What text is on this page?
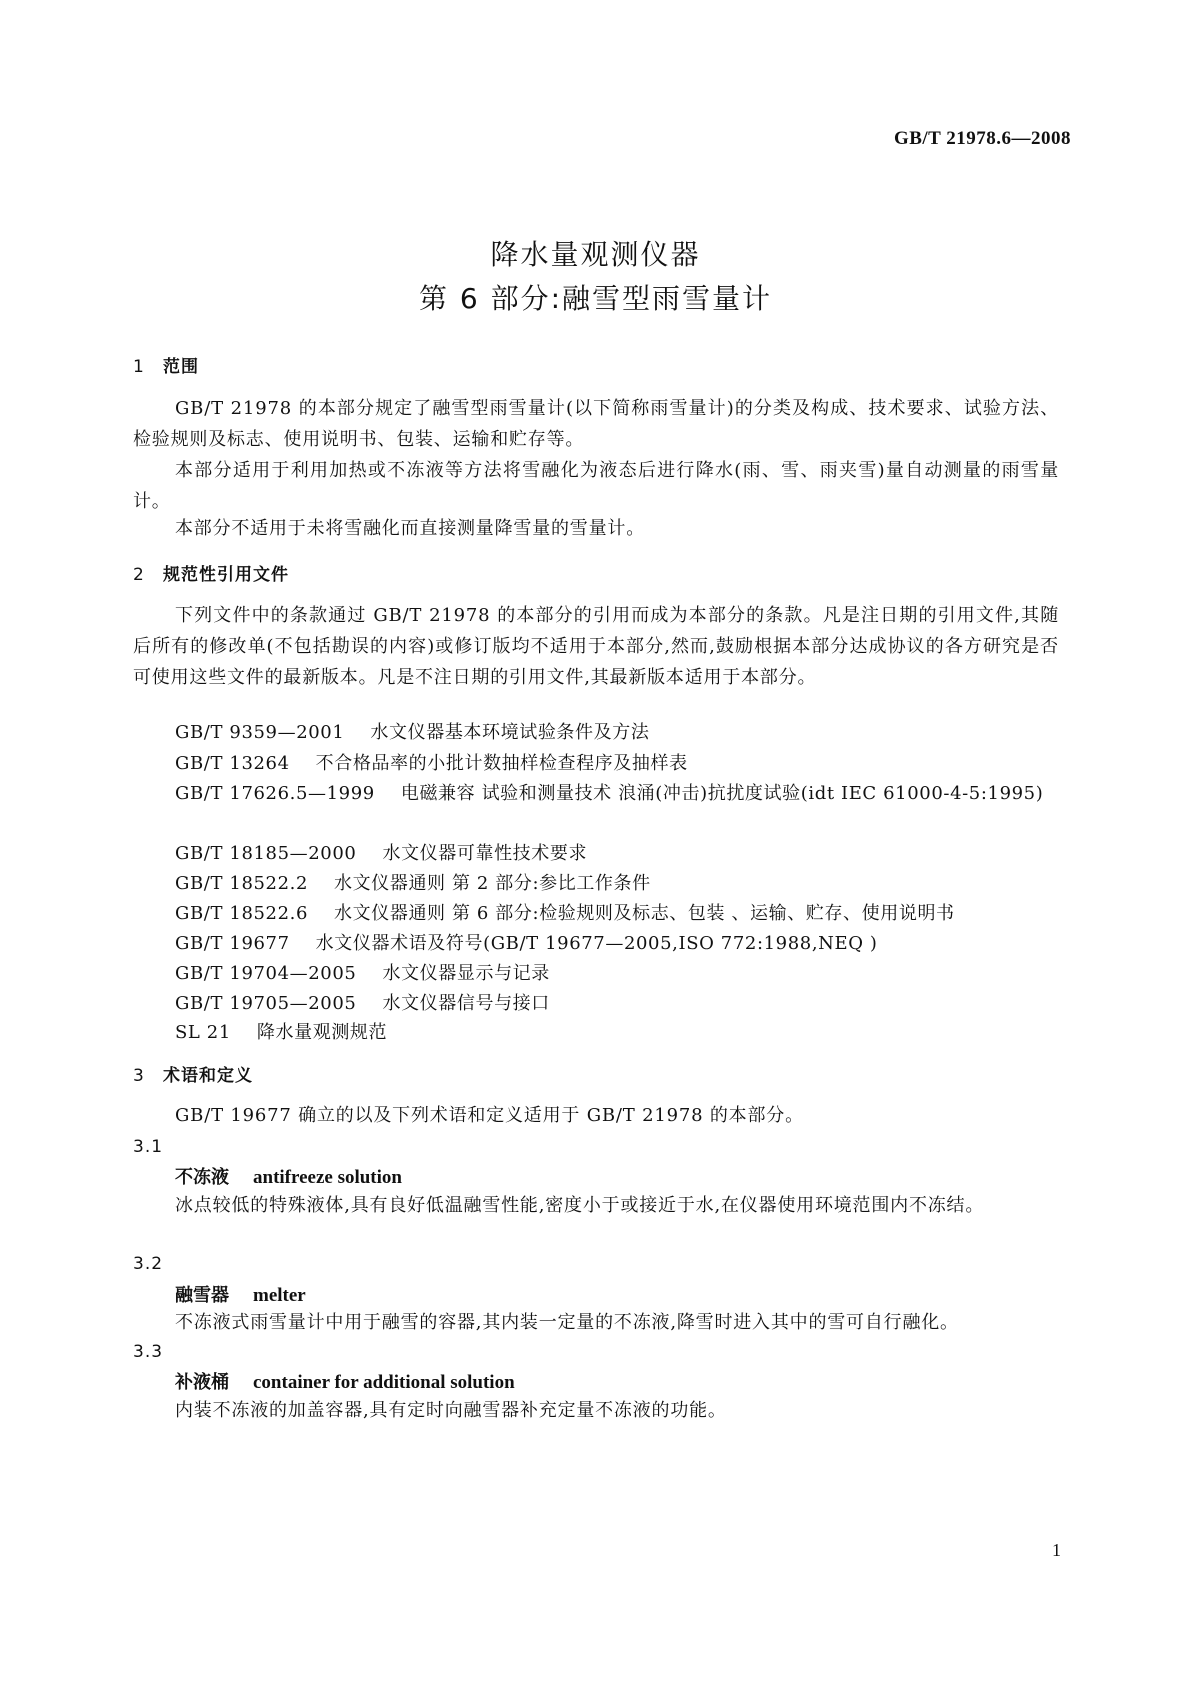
GB/T 21978.6—2008
降水量观测仪器
第 6 部分:融雪型雨雪量计
1 范围
GB/T 21978 的本部分规定了融雪型雨雪量计(以下简称雨雪量计)的分类及构成、技术要求、试验方法、检验规则及标志、使用说明书、包装、运输和贮存等。
本部分适用于利用加热或不冻液等方法将雪融化为液态后进行降水(雨、雪、雨夹雪)量自动测量的雨雪量计。
本部分不适用于未将雪融化而直接测量降雪量的雪量计。
2 规范性引用文件
下列文件中的条款通过 GB/T 21978 的本部分的引用而成为本部分的条款。凡是注日期的引用文件,其随后所有的修改单(不包括勘误的内容)或修订版均不适用于本部分,然而,鼓励根据本部分达成协议的各方研究是否可使用这些文件的最新版本。凡是不注日期的引用文件,其最新版本适用于本部分。
GB/T 9359—2001 水文仪器基本环境试验条件及方法
GB/T 13264 不合格品率的小批计数抽样检查程序及抽样表
GB/T 17626.5—1999 电磁兼容 试验和测量技术 浪涌(冲击)抗扰度试验(idt IEC 61000-4-5:1995)
GB/T 18185—2000 水文仪器可靠性技术要求
GB/T 18522.2 水文仪器通则 第 2 部分:参比工作条件
GB/T 18522.6 水文仪器通则 第 6 部分:检验规则及标志、包装 、运输、贮存、使用说明书
GB/T 19677 水文仪器术语及符号(GB/T 19677—2005,ISO 772:1988,NEQ )
GB/T 19704—2005 水文仪器显示与记录
GB/T 19705—2005 水文仪器信号与接口
SL 21 降水量观测规范
3 术语和定义
GB/T 19677 确立的以及下列术语和定义适用于 GB/T 21978 的本部分。
3.1
不冻液 antifreeze solution
冰点较低的特殊液体,具有良好低温融雪性能,密度小于或接近于水,在仪器使用环境范围内不冻结。
3.2
融雪器 melter
不冻液式雨雪量计中用于融雪的容器,其内装一定量的不冻液,降雪时进入其中的雪可自行融化。
3.3
补液桶 container for additional solution
内装不冻液的加盖容器,具有定时向融雪器补充定量不冻液的功能。
1
